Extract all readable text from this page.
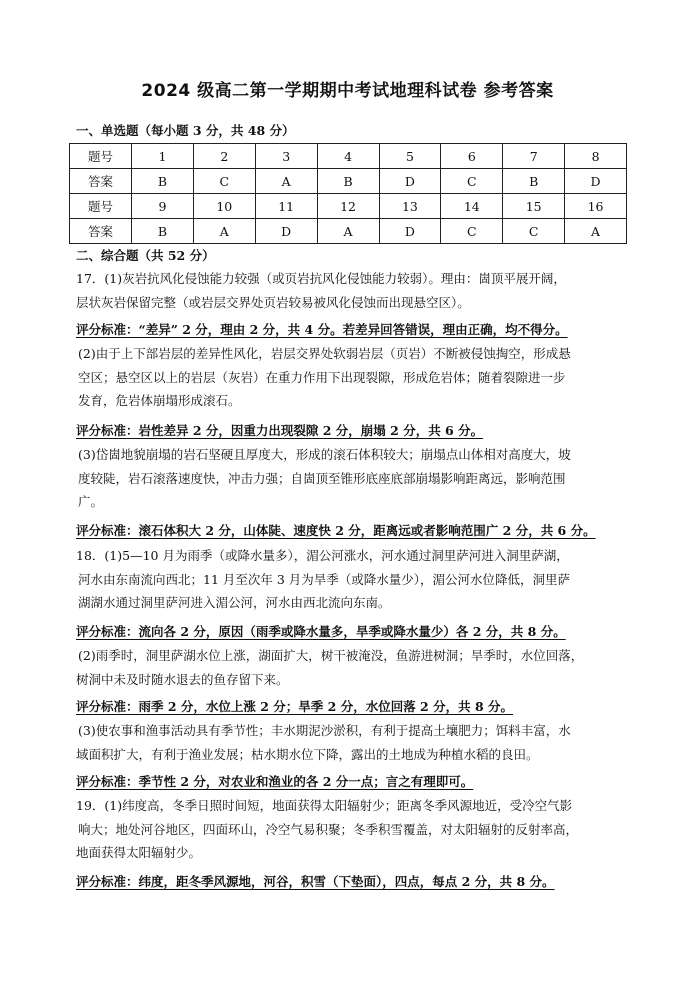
2024 级高二第一学期期中考试地理科试卷 参考答案
一、单选题（每小题 3 分，共 48 分）
题号	1	2	3	4	5	6	7	8
答案	B	C	A	B	D	C	B	D
题号	9	10	11	12	13	14	15	16
答案	B	A	D	A	D	C	C	A
二、综合题（共 52 分）
17．(1)灰岩抗风化侵蚀能力较强（或页岩抗风化侵蚀能力较弱）。理由：崮顶平展开阔，
层状灰岩保留完整（或岩层交界处页岩较易被风化侵蚀而出现悬空区）。
评分标准：“差异” 2 分，理由 2 分，共 4 分。若差异回答错误，理由正确，均不得分。
(2)由于上下部岩层的差异性风化，岩层交界处软弱岩层（页岩）不断被侵蚀掏空，形成悬
空区；悬空区以上的岩层（灰岩）在重力作用下出现裂隙，形成危岩体；随着裂隙进一步
发育，危岩体崩塌形成滚石。
评分标准：岩性差异 2 分，因重力出现裂隙 2 分，崩塌 2 分，共 6 分。
(3)岱崮地貌崩塌的岩石坚硬且厚度大，形成的滚石体积较大；崩塌点山体相对高度大，坡
度较陡，岩石滚落速度快，冲击力强；自崮顶至锥形底座底部崩塌影响距离远，影响范围
广。
评分标准：滚石体积大 2 分，山体陡、速度快 2 分，距离远或者影响范围广 2 分，共 6 分。
18．(1)5—10 月为雨季（或降水量多），湄公河涨水，河水通过洞里萨河进入洞里萨湖，
河水由东南流向西北；11 月至次年 3 月为旱季（或降水量少），湄公河水位降低，洞里萨
湖湖水通过洞里萨河进入湄公河，河水由西北流向东南。
评分标准：流向各 2 分，原因（雨季或降水量多，旱季或降水量少）各 2 分，共 8 分。
(2)雨季时，洞里萨湖水位上涨，湖面扩大，树干被淹没，鱼游进树洞；旱季时，水位回落，
树洞中未及时随水退去的鱼存留下来。
评分标准：雨季 2 分，水位上涨 2 分；旱季 2 分，水位回落 2 分，共 8 分。
(3)使农事和渔事活动具有季节性；丰水期泥沙淤积，有利于提高土壤肥力；饵料丰富，水
域面积扩大，有利于渔业发展；枯水期水位下降，露出的土地成为种植水稻的良田。
评分标准：季节性 2 分，对农业和渔业的各 2 分一点；言之有理即可。
19．(1)纬度高，冬季日照时间短，地面获得太阳辐射少；距离冬季风源地近，受冷空气影
响大；地处河谷地区，四面环山，冷空气易积聚；冬季积雪覆盖，对太阳辐射的反射率高，
地面获得太阳辐射少。
评分标准：纬度，距冬季风源地，河谷，积雪（下垫面），四点，每点 2 分，共 8 分。
